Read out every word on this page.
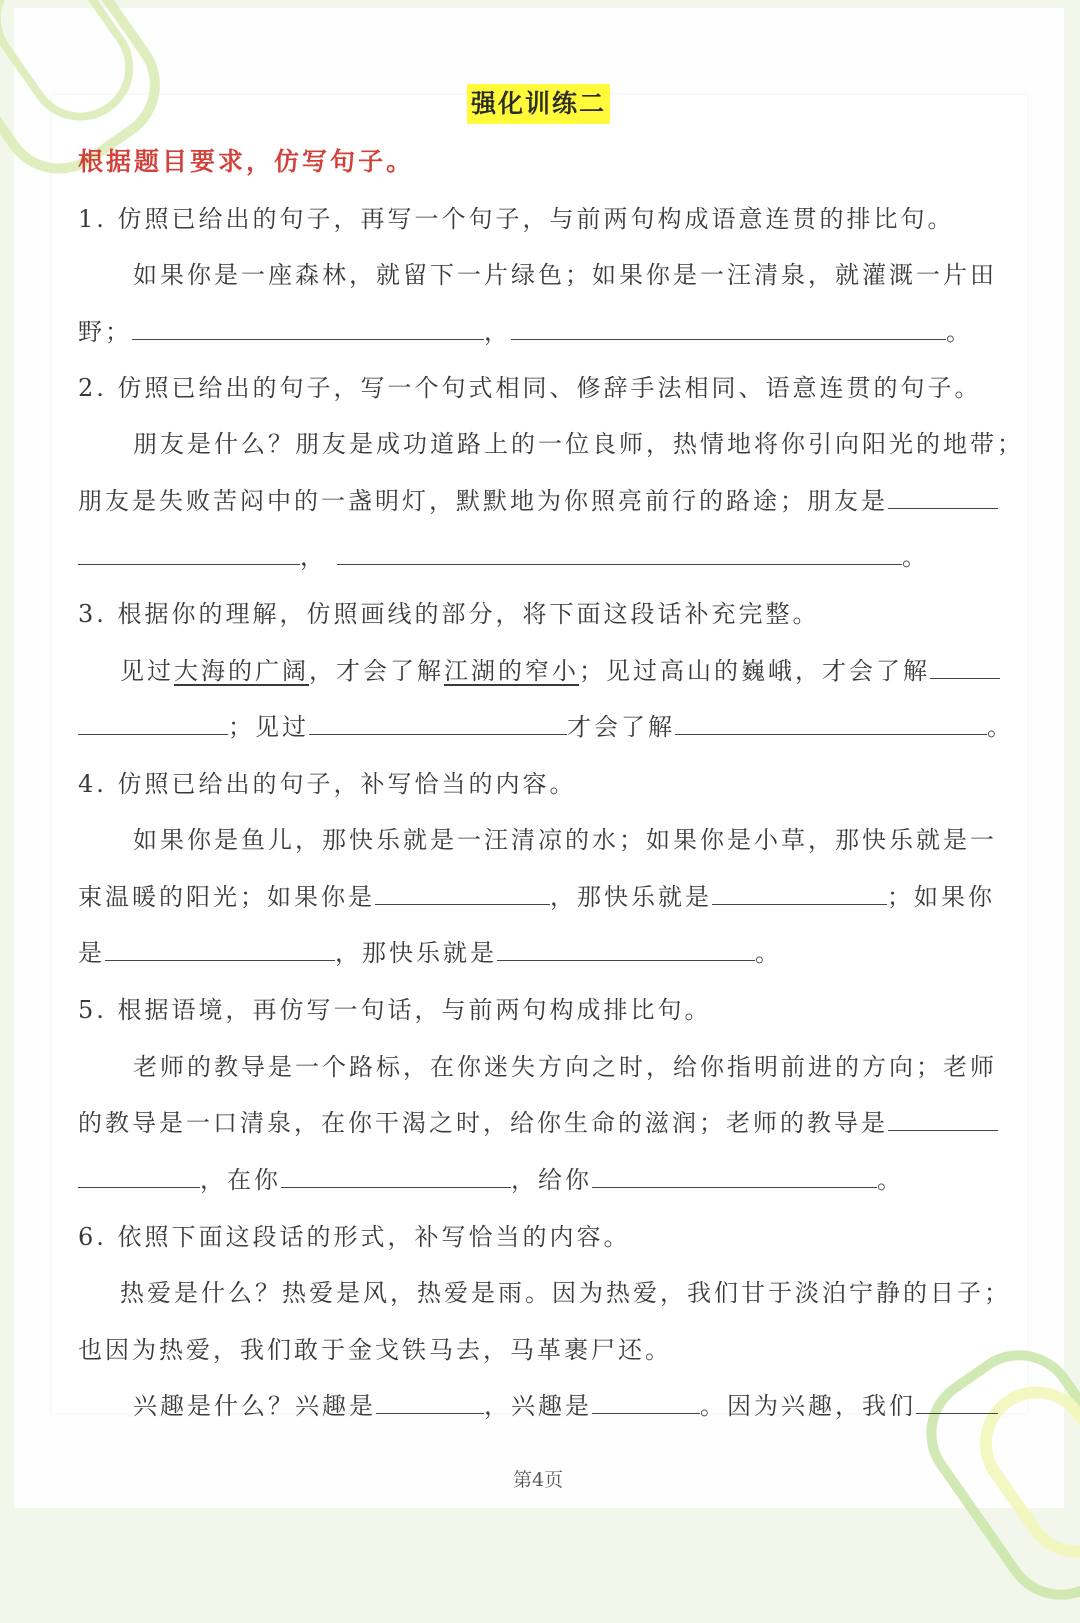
强化训练二
根据题目要求，仿写句子。
1. 仿照已给出的句子，再写一个句子，与前两句构成语意连贯的排比句。
如果你是一座森林，就留下一片绿色；如果你是一汪清泉，就灌溉一片田
野；	，	。
2. 仿照已给出的句子，写一个句式相同、修辞手法相同、语意连贯的句子。
朋友是什么？朋友是成功道路上的一位良师，热情地将你引向阳光的地带；
朋友是失败苦闷中的一盏明灯，默默地为你照亮前行的路途；朋友是
，	。
3. 根据你的理解，仿照画线的部分，将下面这段话补充完整。
见过大海的广阔，才会了解江湖的窄小；见过高山的巍峨，才会了解
；见过	才会了解	。
4. 仿照已给出的句子，补写恰当的内容。
如果你是鱼儿，那快乐就是一汪清凉的水；如果你是小草，那快乐就是一
束温暖的阳光；如果你是	，那快乐就是	；如果你
是	，那快乐就是	。
5. 根据语境，再仿写一句话，与前两句构成排比句。
老师的教导是一个路标，在你迷失方向之时，给你指明前进的方向；老师
的教导是一口清泉，在你干渴之时，给你生命的滋润；老师的教导是
，在你	，给你	。
6. 依照下面这段话的形式，补写恰当的内容。
热爱是什么？热爱是风，热爱是雨。因为热爱，我们甘于淡泊宁静的日子；
也因为热爱，我们敢于金戈铁马去，马革裹尸还。
兴趣是什么？兴趣是	，兴趣是	。因为兴趣，我们
第4页
